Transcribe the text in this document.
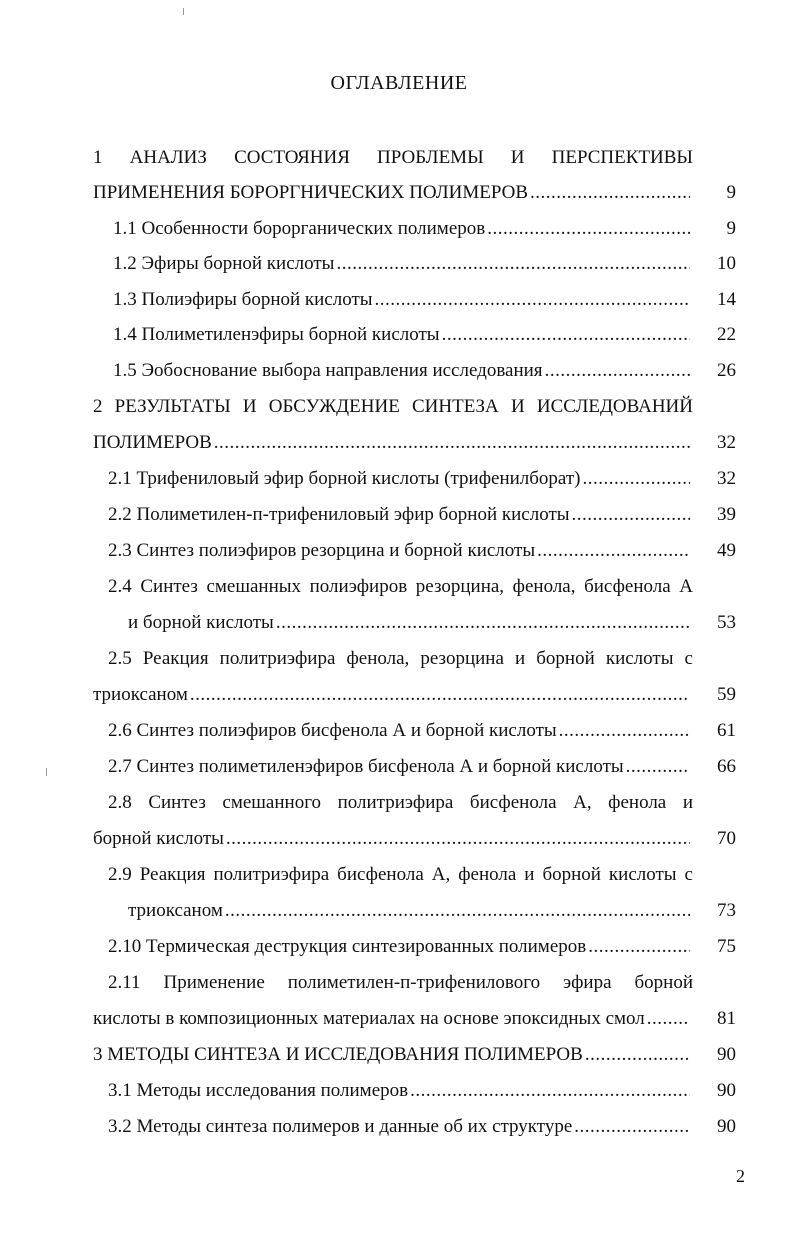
ОГЛАВЛЕНИЕ
1 АНАЛИЗ СОСТОЯНИЯ ПРОБЛЕМЫ И ПЕРСПЕКТИВЫ
ПРИМЕНЕНИЯ БОРОРГНИЧЕСКИХ ПОЛИМЕРОВ .....	9
1.1 Особенности борорганических полимеров .....	9
1.2 Эфиры борной кислоты .....	10
1.3 Полиэфиры борной кислоты .....	14
1.4 Полиметиленэфиры борной кислоты .....	22
1.5 Эобоснование выбора направления исследования .....	26
2 РЕЗУЛЬТАТЫ И ОБСУЖДЕНИЕ СИНТЕЗА И ИССЛЕДОВАНИЙ
ПОЛИМЕРОВ .....	32
2.1 Трифениловый эфир борной кислоты (трифенилборат) .....	32
2.2 Полиметилен-п-трифениловый эфир борной кислоты .....	39
2.3 Синтез полиэфиров резорцина и борной кислоты .....	49
2.4 Синтез смешанных полиэфиров резорцина, фенола, бисфенола А
и борной кислоты .....	53
2.5 Реакция политриэфира фенола, резорцина и борной кислоты с
триоксаном .....	59
2.6 Синтез полиэфиров бисфенола А и борной кислоты .....	61
2.7 Синтез полиметиленэфиров бисфенола А и борной кислоты .....	66
2.8 Синтез смешанного политриэфира бисфенола А, фенола и
борной кислоты .....	70
2.9 Реакция политриэфира бисфенола А, фенола и борной кислоты с
триоксаном .....	73
2.10 Термическая деструкция синтезированных полимеров .....	75
2.11 Применение полиметилен-п-трифенилового эфира борной
кислоты в композиционных материалах на основе эпоксидных смол .....	81
3 МЕТОДЫ СИНТЕЗА И ИССЛЕДОВАНИЯ ПОЛИМЕРОВ .....	90
3.1 Методы исследования полимеров .....	90
3.2 Методы синтеза полимеров и данные об их структуре .....	90
2
